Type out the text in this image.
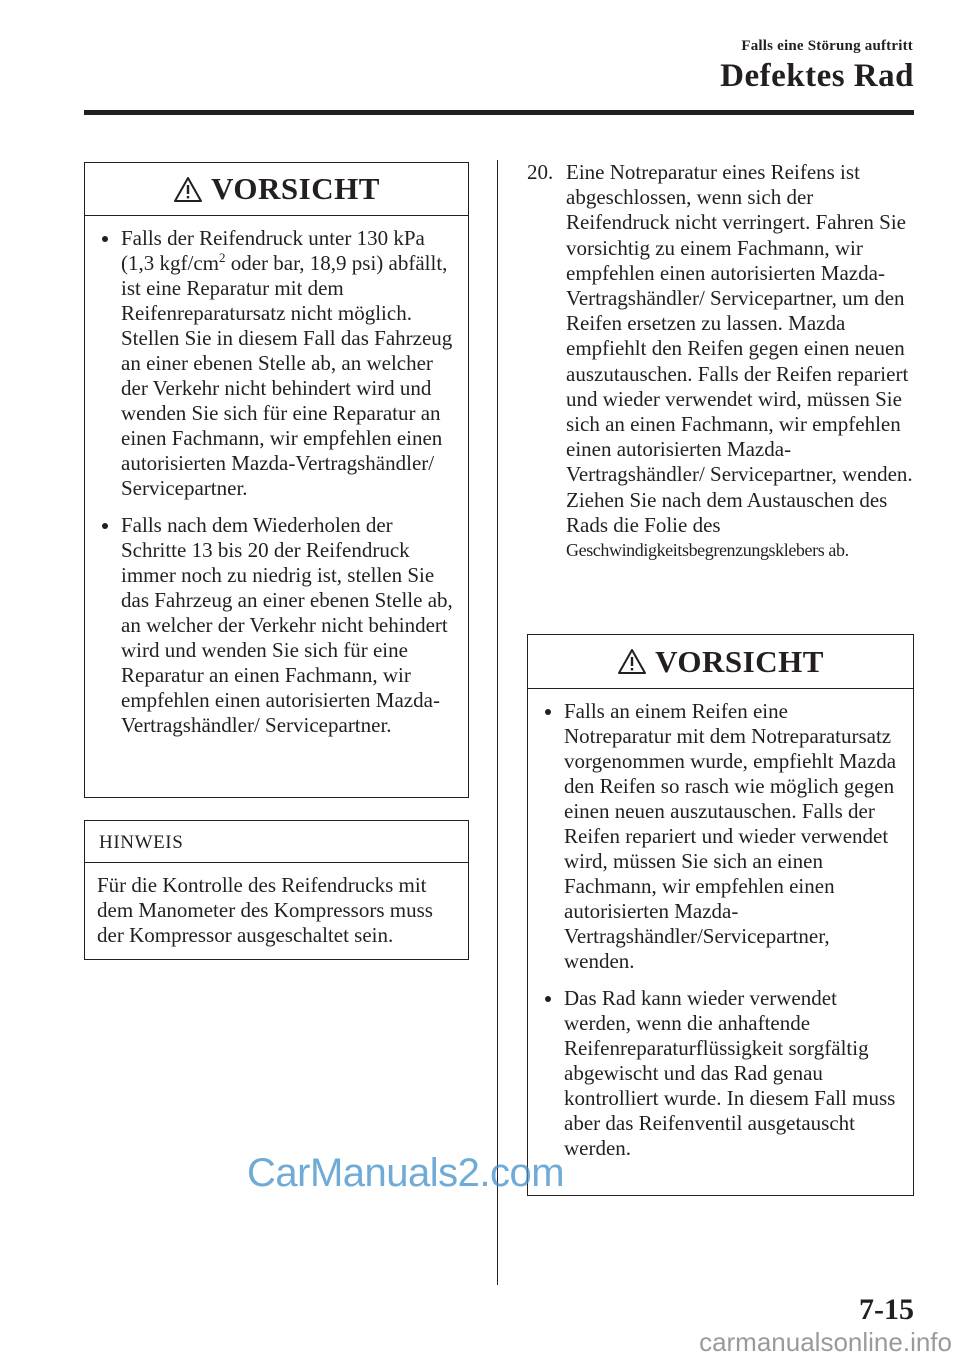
Falls eine Störung auftritt
Defektes Rad
VORSICHT
Falls der Reifendruck unter 130 kPa (1,3 kgf/$cm^2$ oder bar, 18,9 psi) abfällt, ist eine Reparatur mit dem Reifenreparatursatz nicht möglich. Stellen Sie in diesem Fall das Fahrzeug an einer ebenen Stelle ab, an welcher der Verkehr nicht behindert wird und wenden Sie sich für eine Reparatur an einen Fachmann, wir empfehlen einen autorisierten Mazda-Vertragshändler/ Servicepartner.
Falls nach dem Wiederholen der Schritte 13 bis 20 der Reifendruck immer noch zu niedrig ist, stellen Sie das Fahrzeug an einer ebenen Stelle ab, an welcher der Verkehr nicht behindert wird und wenden Sie sich für eine Reparatur an einen Fachmann, wir empfehlen einen autorisierten Mazda-Vertragshändler/ Servicepartner.
HINWEIS
Für die Kontrolle des Reifendrucks mit dem Manometer des Kompressors muss der Kompressor ausgeschaltet sein.
20. Eine Notreparatur eines Reifens ist abgeschlossen, wenn sich der Reifendruck nicht verringert. Fahren Sie vorsichtig zu einem Fachmann, wir empfehlen einen autorisierten Mazda-Vertragshändler/ Servicepartner, um den Reifen ersetzen zu lassen. Mazda empfiehlt den Reifen gegen einen neuen auszutauschen. Falls der Reifen repariert und wieder verwendet wird, müssen Sie sich an einen Fachmann, wir empfehlen einen autorisierten Mazda-Vertragshändler/ Servicepartner, wenden.
Ziehen Sie nach dem Austauschen des Rads die Folie des
Geschwindigkeitsbegrenzungsklebers ab.
VORSICHT
Falls an einem Reifen eine Notreparatur mit dem Notreparatursatz vorgenommen wurde, empfiehlt Mazda den Reifen so rasch wie möglich gegen einen neuen auszutauschen. Falls der Reifen repariert und wieder verwendet wird, müssen Sie sich an einen Fachmann, wir empfehlen einen autorisierten Mazda-Vertragshändler/Servicepartner, wenden.
Das Rad kann wieder verwendet werden, wenn die anhaftende Reifenreparaturflüssigkeit sorgfältig abgewischt und das Rad genau kontrolliert wurde. In diesem Fall muss aber das Reifenventil ausgetauscht werden.
7-15
CarManuals2.com
carmanualsonline.info
